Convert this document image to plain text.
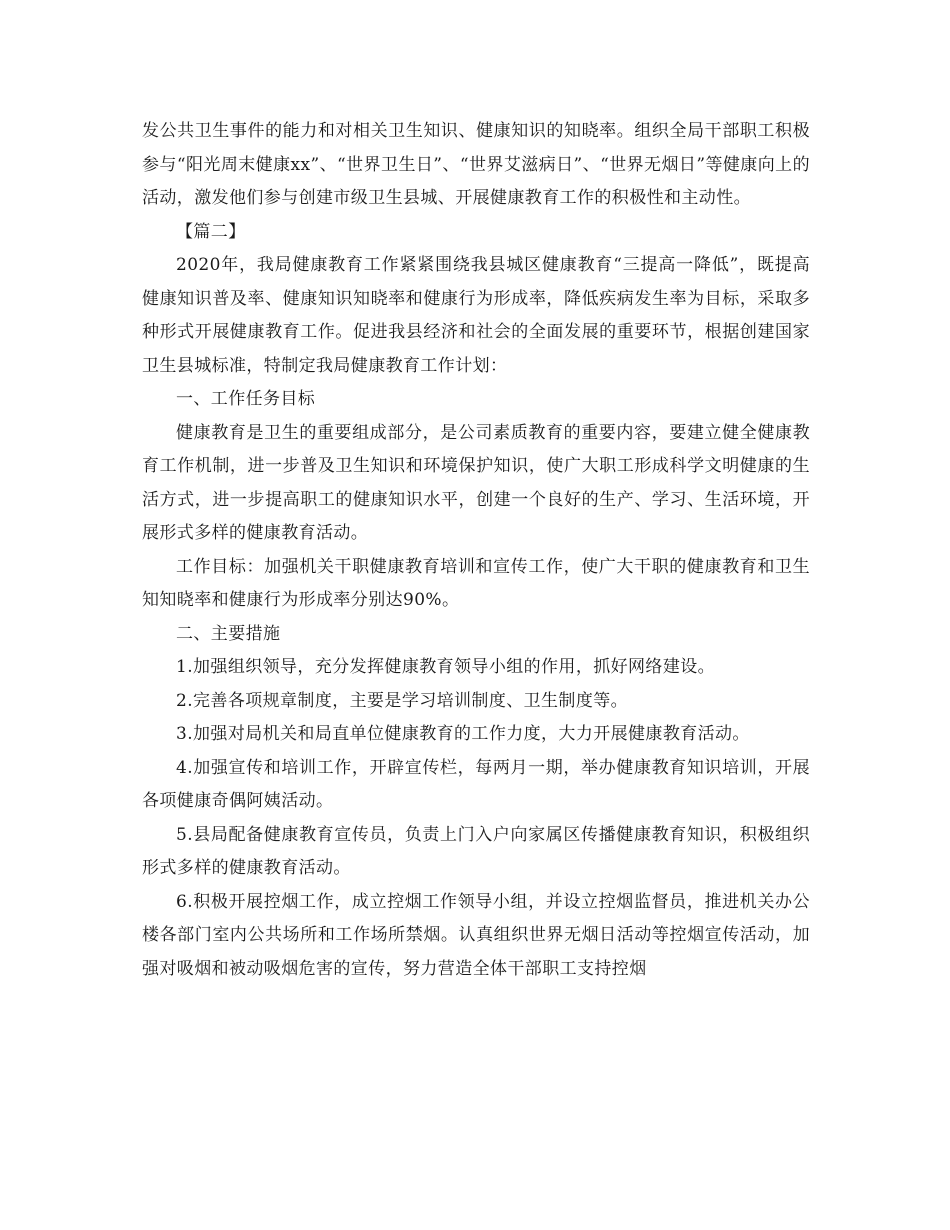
发公共卫生事件的能力和对相关卫生知识、健康知识的知晓率。组织全局干部职工积极参与“阳光周末健康xx”、“世界卫生日”、“世界艾滋病日”、“世界无烟日”等健康向上的活动，激发他们参与创建市级卫生县城、开展健康教育工作的积极性和主动性。

【篇二】

2020年，我局健康教育工作紧紧围绕我县城区健康教育“三提高一降低”，既提高健康知识普及率、健康知识知晓率和健康行为形成率，降低疾病发生率为目标，采取多种形式开展健康教育工作。促进我县经济和社会的全面发展的重要环节，根据创建国家卫生县城标准，特制定我局健康教育工作计划：

一、工作任务目标

健康教育是卫生的重要组成部分，是公司素质教育的重要内容，要建立健全健康教育工作机制，进一步普及卫生知识和环境保护知识，使广大职工形成科学文明健康的生活方式，进一步提高职工的健康知识水平，创建一个良好的生产、学习、生活环境，开展形式多样的健康教育活动。

工作目标：加强机关干职健康教育培训和宣传工作，使广大干职的健康教育和卫生知知晓率和健康行为形成率分别达90%。

二、主要措施

1.加强组织领导，充分发挥健康教育领导小组的作用，抓好网络建设。

2.完善各项规章制度，主要是学习培训制度、卫生制度等。

3.加强对局机关和局直单位健康教育的工作力度，大力开展健康教育活动。

4.加强宣传和培训工作，开辟宣传栏，每两月一期，举办健康教育知识培训，开展各项健康奇偶阿姨活动。

5.县局配备健康教育宣传员，负责上门入户向家属区传播健康教育知识，积极组织形式多样的健康教育活动。

6.积极开展控烟工作，成立控烟工作领导小组，并设立控烟监督员，推进机关办公楼各部门室内公共场所和工作场所禁烟。认真组织世界无烟日活动等控烟宣传活动，加强对吸烟和被动吸烟危害的宣传，努力营造全体干部职工支持控烟
